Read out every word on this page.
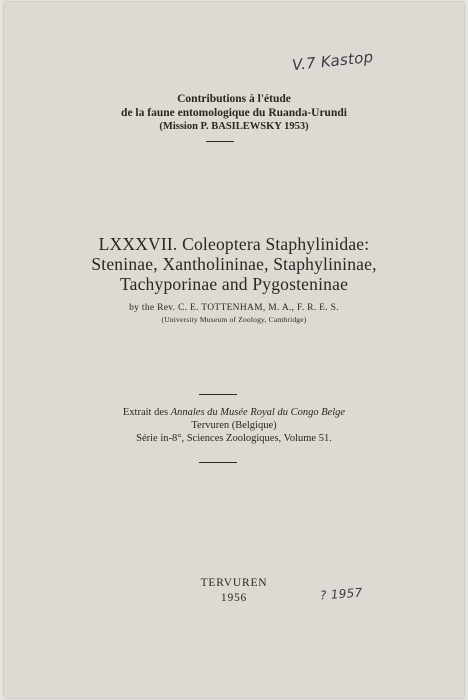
V.7 Kastop
Contributions à l'étude
de la faune entomologique du Ruanda-Urundi
(Mission P. BASILEWSKY 1953)
LXXXVII. Coleoptera Staphylinidae:
Steninae, Xantholininae, Staphylininae,
Tachyporinae and Pygosteninae
by the Rev. C. E. TOTTENHAM, M. A., F. R. E. S.
(University Museum of Zoology, Cambridge)
Extrait des Annales du Musée Royal du Congo Belge
Tervuren (Belgique)
Série in-8°, Sciences Zoologiques, Volume 51.
TERVUREN
1956	? 1957
